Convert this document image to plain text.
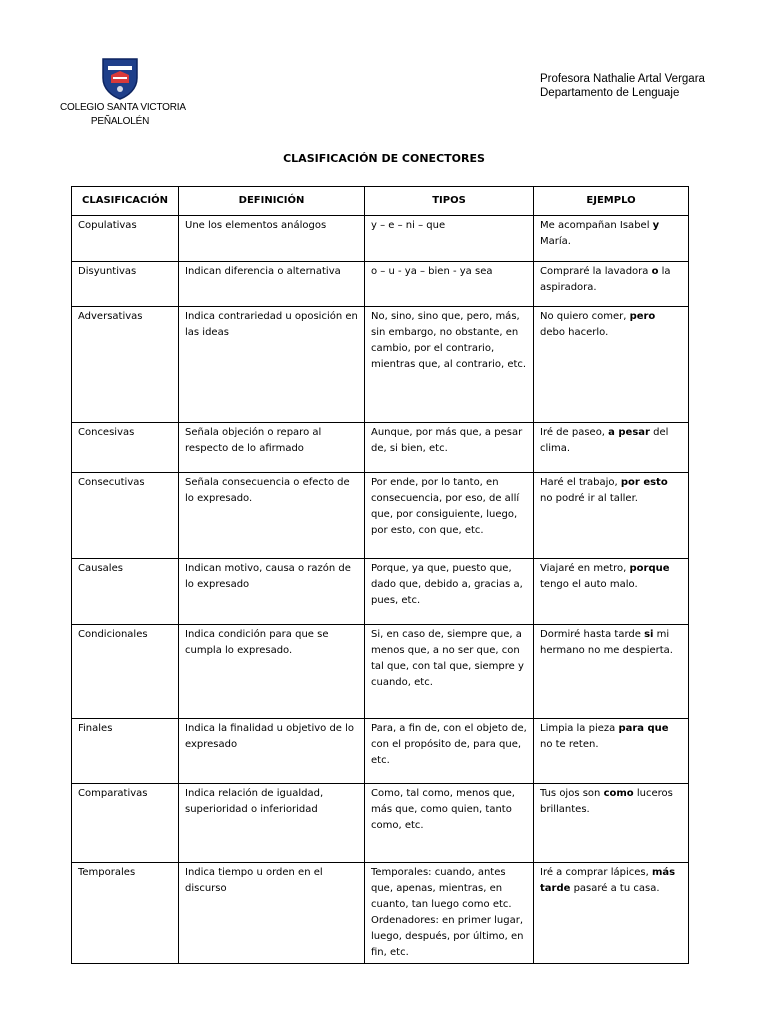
COLEGIO SANTA VICTORIA
PEÑALOLÉN
Profesora Nathalie Artal Vergara
Departamento de Lenguaje
CLASIFICACIÓN DE CONECTORES
CLASIFICACIÓN	DEFINICIÓN	TIPOS	EJEMPLO
Copulativas	Une los elementos análogos	y – e – ni – que	Me acompañan Isabel y María.
Disyuntivas	Indican diferencia o alternativa	o – u - ya – bien - ya sea	Compraré la lavadora o la aspiradora.
Adversativas	Indica contrariedad u oposición en las ideas	No, sino, sino que, pero, más, sin embargo, no obstante, en cambio, por el contrario, mientras que, al contrario, etc.	No quiero comer, pero debo hacerlo.
Concesivas	Señala objeción o reparo al respecto de lo afirmado	Aunque, por más que, a pesar de, si bien, etc.	Iré de paseo, a pesar del clima.
Consecutivas	Señala consecuencia o efecto de lo expresado.	Por ende, por lo tanto, en consecuencia, por eso, de allí que, por consiguiente, luego, por esto, con que, etc.	Haré el trabajo, por esto no podré ir al taller.
Causales	Indican motivo, causa o razón de lo expresado	Porque, ya que, puesto que, dado que, debido a, gracias a, pues, etc.	Viajaré en metro, porque tengo el auto malo.
Condicionales	Indica condición para que se cumpla lo expresado.	Si, en caso de, siempre que, a menos que, a no ser que, con tal que, con tal que, siempre y cuando, etc.	Dormiré hasta tarde si mi hermano no me despierta.
Finales	Indica la finalidad u objetivo de lo expresado	Para, a fin de, con el objeto de, con el propósito de, para que, etc.	Limpia la pieza para que no te reten.
Comparativas	Indica relación de igualdad, superioridad o inferioridad	Como, tal como, menos que, más que, como quien, tanto como, etc.	Tus ojos son como luceros brillantes.
Temporales	Indica tiempo u orden en el discurso	Temporales: cuando, antes que, apenas, mientras, en cuanto, tan luego como etc. Ordenadores: en primer lugar, luego, después, por último, en fin, etc.	Iré a comprar lápices, más tarde pasaré a tu casa.
